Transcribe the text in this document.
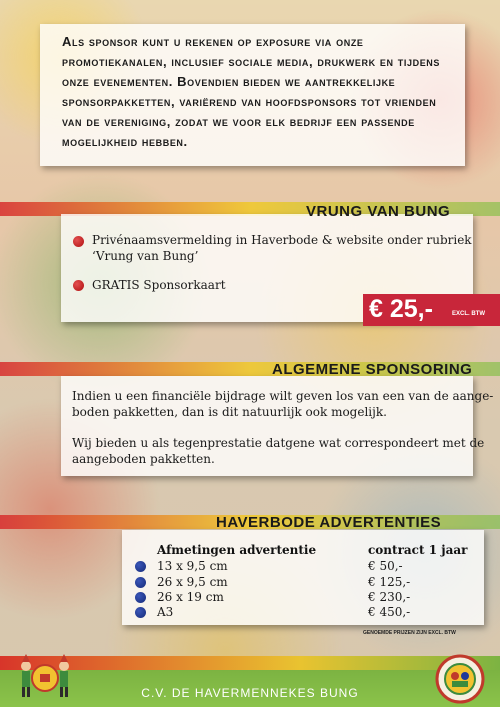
Als sponsor kunt u rekenen op exposure via onze promotiekanalen, inclusief sociale media, drukwerk en tijdens onze evenementen. Bovendien bieden we aantrekkelijke sponsorpakketten, variërend van hoofdsponsors tot vrienden van de vereniging, zodat we voor elk bedrijf een passende mogelijkheid hebben.
VRUNG VAN BUNG
Privénaamsvermelding in Haverbode & website onder rubriek
‘Vrung van Bung’
GRATIS Sponsorkaart
€ 25,-	EXCL. BTW
ALGEMENE SPONSORING
Indien u een financiële bijdrage wilt geven los van een van de aange-
boden pakketten, dan is dit natuurlijk ook mogelijk.
Wij bieden u als tegenprestatie datgene wat correspondeert met de
aangeboden pakketten.
HAVERBODE ADVERTENTIES
Afmetingen advertentie	contract 1 jaar
13 x 9,5 cm	€ 50,-
26 x 9,5 cm	€ 125,-
26 x 19 cm	€ 230,-
A3	€ 450,-
GENOEMDE PRIJZEN ZIJN EXCL. BTW
C.V. DE HAVERMENNEKES BUNG
